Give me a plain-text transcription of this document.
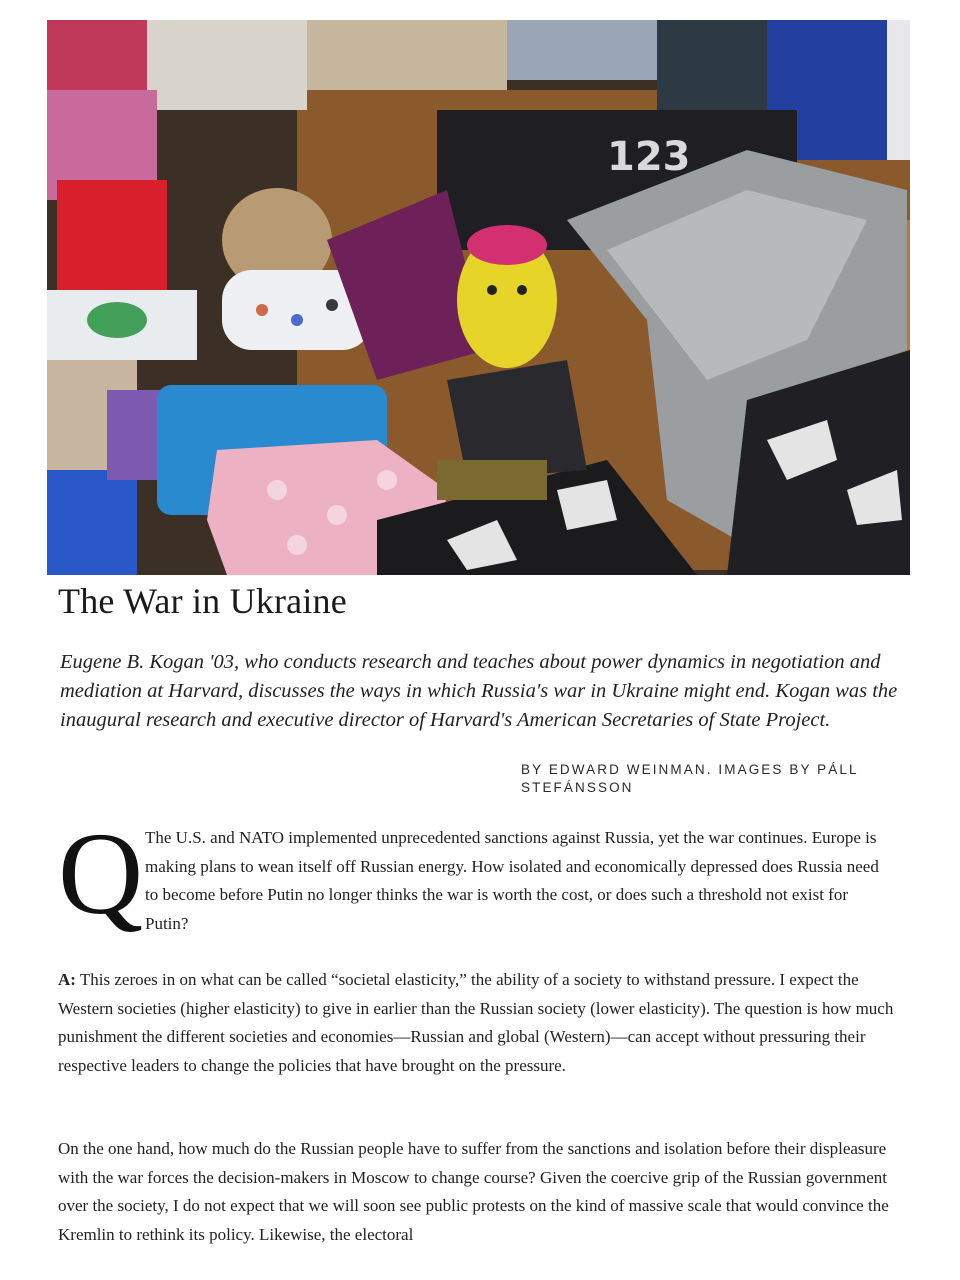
123
The War in Ukraine

Eugene B. Kogan '03, who conducts research and teaches about power dynamics in negotiation and mediation at Harvard, discusses the ways in which Russia's war in Ukraine might end. Kogan was the inaugural research and executive director of Harvard's American Secretaries of State Project.

BY EDWARD WEINMAN. IMAGES BY PÁLL STEFÁNSSON

Q The U.S. and NATO implemented unprecedented sanctions against Russia, yet the war continues. Europe is making plans to wean itself off Russian energy. How isolated and economically depressed does Russia need to become before Putin no longer thinks the war is worth the cost, or does such a threshold not exist for Putin?

A: This zeroes in on what can be called “societal elasticity,” the ability of a society to withstand pressure. I expect the Western societies (higher elasticity) to give in earlier than the Russian society (lower elasticity). The question is how much punishment the different societies and economies—Russian and global (Western)—can accept without pressuring their respective leaders to change the policies that have brought on the pressure.

On the one hand, how much do the Russian people have to suffer from the sanctions and isolation before their displeasure with the war forces the decision-makers in Moscow to change course? Given the coercive grip of the Russian government over the society, I do not expect that we will soon see public protests on the kind of massive scale that would convince the Kremlin to rethink its policy. Likewise, the electoral
